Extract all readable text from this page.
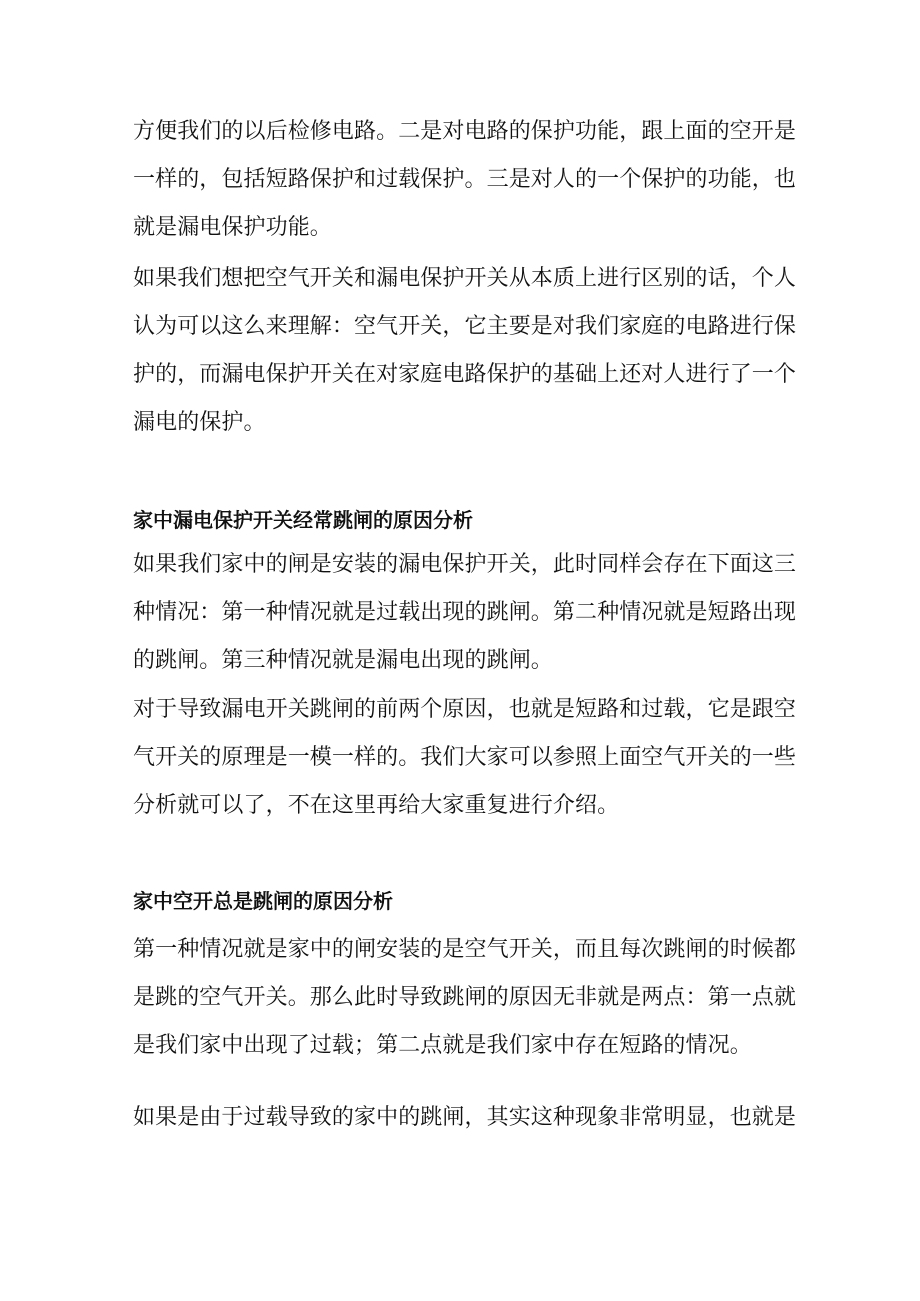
方便我们的以后检修电路。二是对电路的保护功能，跟上面的空开是
一样的，包括短路保护和过载保护。三是对人的一个保护的功能，也
就是漏电保护功能。

如果我们想把空气开关和漏电保护开关从本质上进行区别的话，个人
认为可以这么来理解：空气开关，它主要是对我们家庭的电路进行保
护的，而漏电保护开关在对家庭电路保护的基础上还对人进行了一个
漏电的保护。

家中漏电保护开关经常跳闸的原因分析

如果我们家中的闸是安装的漏电保护开关，此时同样会存在下面这三
种情况：第一种情况就是过载出现的跳闸。第二种情况就是短路出现
的跳闸。第三种情况就是漏电出现的跳闸。

对于导致漏电开关跳闸的前两个原因，也就是短路和过载，它是跟空
气开关的原理是一模一样的。我们大家可以参照上面空气开关的一些
分析就可以了，不在这里再给大家重复进行介绍。

家中空开总是跳闸的原因分析

第一种情况就是家中的闸安装的是空气开关，而且每次跳闸的时候都
是跳的空气开关。那么此时导致跳闸的原因无非就是两点：第一点就
是我们家中出现了过载；第二点就是我们家中存在短路的情况。

如果是由于过载导致的家中的跳闸，其实这种现象非常明显，也就是
